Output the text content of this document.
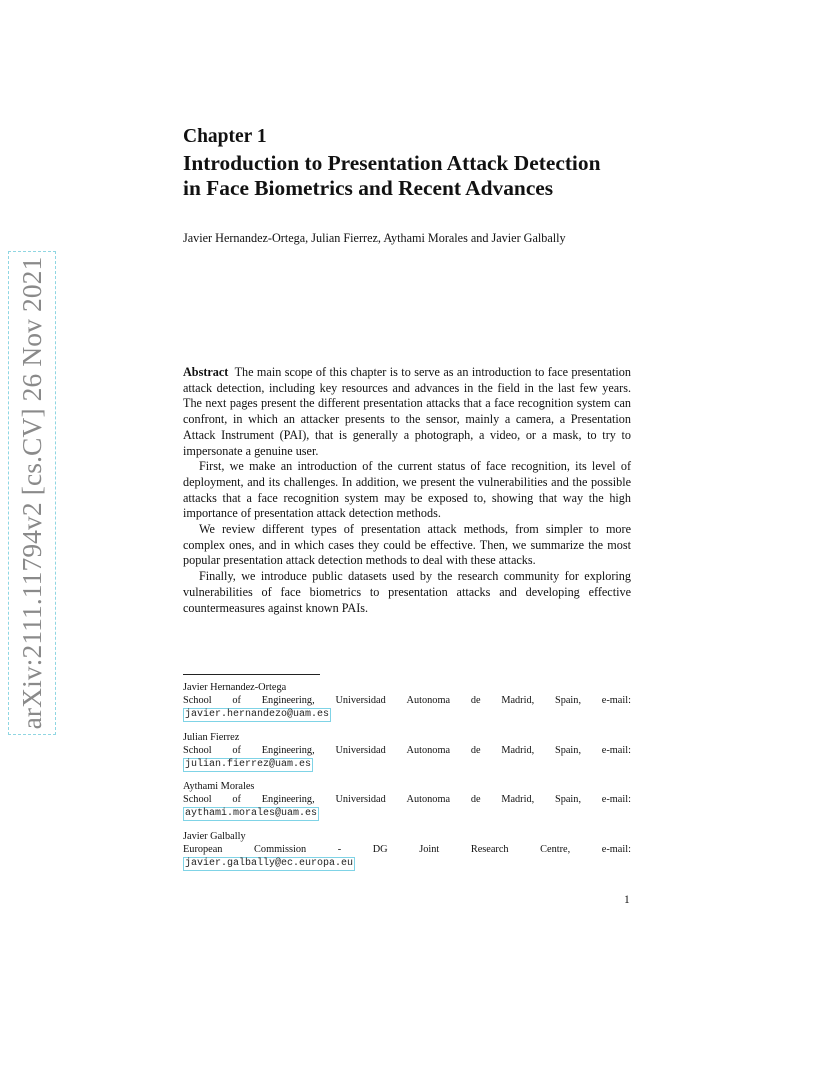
arXiv:2111.11794v2 [cs.CV] 26 Nov 2021
Chapter 1
Introduction to Presentation Attack Detection
in Face Biometrics and Recent Advances
Javier Hernandez-Ortega, Julian Fierrez, Aythami Morales and Javier Galbally

Abstract The main scope of this chapter is to serve as an introduction to face presentation attack detection, including key resources and advances in the field in the last few years. The next pages present the different presentation attacks that a face recognition system can confront, in which an attacker presents to the sensor, mainly a camera, a Presentation Attack Instrument (PAI), that is generally a photograph, a video, or a mask, to try to impersonate a genuine user.

First, we make an introduction of the current status of face recognition, its level of deployment, and its challenges. In addition, we present the vulnerabilities and the possible attacks that a face recognition system may be exposed to, showing that way the high importance of presentation attack detection methods.

We review different types of presentation attack methods, from simpler to more complex ones, and in which cases they could be effective. Then, we summarize the most popular presentation attack detection methods to deal with these attacks.

Finally, we introduce public datasets used by the research community for exploring vulnerabilities of face biometrics to presentation attacks and developing effective countermeasures against known PAIs.

Javier Hernandez-Ortega
School of Engineering, Universidad Autonoma de Madrid, Spain, e-mail:
javier.hernandezo@uam.es
Julian Fierrez
School of Engineering, Universidad Autonoma de Madrid, Spain, e-mail:
julian.fierrez@uam.es
Aythami Morales
School of Engineering, Universidad Autonoma de Madrid, Spain, e-mail:
aythami.morales@uam.es
Javier Galbally
European	Commission	-	DG	Joint	Research	Centre,	e-mail:
javier.galbally@ec.europa.eu
1
